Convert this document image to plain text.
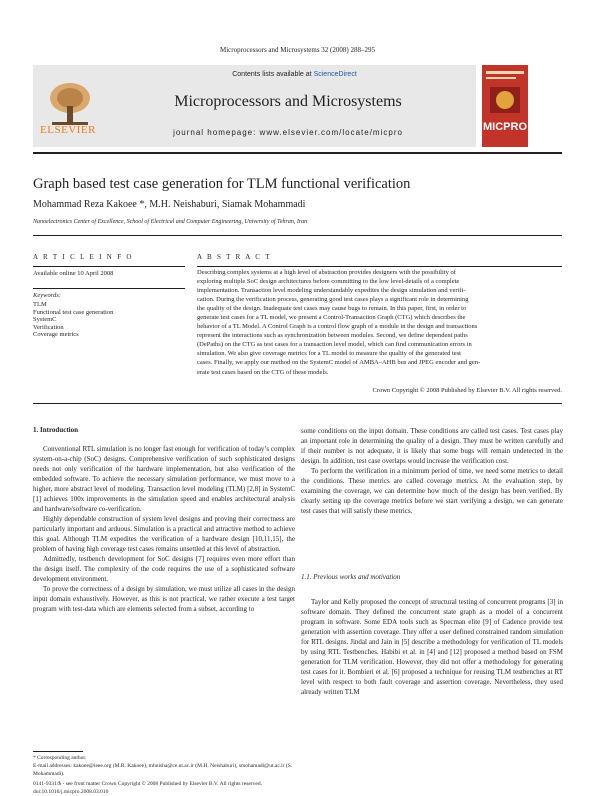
Microprocessors and Microsystems 32 (2008) 288–295
Contents lists available at ScienceDirect
ELSEVIER
Microprocessors and Microsystems
journal homepage: www.elsevier.com/locate/micpro	MICPRO
Graph based test case generation for TLM functional verification
Mohammad Reza Kakoee *, M.H. Neishaburi, Siamak Mohammadi
Nanoelectronics Center of Excellence, School of Electrical and Computer Engineering, University of Tehran, Iran
A R T I C L E I N F O
Available online 10 April 2008
Keywords:
TLM
Functional test case generation
SystemC
Verification
Coverage metrics
A B S T R A C T
Describing complex systems at a high level of abstraction provides designers with the possibility of
exploring multiple SoC design architectures before committing to the low level-details of a complete
implementation. Transaction level modeling understandably expedites the design simulation and verifi-
cation. During the verification process, generating good test cases plays a significant role in determining
the quality of the design. Inadequate test cases may cause bugs to remain. In this paper, first, in order to
generate test cases for a TL model, we present a Control-Transaction Graph (CTG) which describes the
behavior of a TL Model. A Control Graph is a control flow graph of a module in the design and transactions
represent the interactions such as synchronization between modules. Second, we define dependent paths
(DePaths) on the CTG as test cases for a transaction level model, which can find communication errors in
simulation. We also give coverage metrics for a TL model to measure the quality of the generated test
cases. Finally, we apply our method on the SystemC model of AMBA–AHB bus and JPEG encoder and gen-
erate test cases based on the CTG of these models.
Crown Copyright © 2008 Published by Elsevier B.V. All rights reserved.
1. Introduction

Conventional RTL simulation is no longer fast enough for verification of today’s complex system-on-a-chip (SoC) designs. Comprehensive verification of such sophisticated designs needs not only verification of the hardware implementation, but also verification of the embedded software. To achieve the necessary simulation performance, we must move to a higher, more abstract level of modeling. Transaction level modeling (TLM) [2,8] in SystemC [1] achieves 100x improvements in the simulation speed and enables architectural analysis and hardware/software co-verification.

Highly dependable construction of system level designs and proving their correctness are particularly important and arduous. Simulation is a practical and attractive method to achieve this goal. Although TLM expedites the verification of a hardware design [10,11,15], the problem of having high coverage test cases remains unsettled at this level of abstraction.

Admittedly, testbench development for SoC designs [7] requires even more effort than the design itself. The complexity of the code requires the use of a sophisticated software development environment.

To prove the correctness of a design by simulation, we must utilize all cases in the design input domain exhaustively. However, as this is not practical, we rather execute a test target program with test-data which are elements selected from a subset, according to

some conditions on the input domain. These conditions are called test cases. Test cases play an important role in determining the quality of a design. They must be written carefully and if their number is not adequate, it is likely that some bugs will remain undetected in the design. In addition, test case overlaps would increase the verification cost.

To perform the verification in a minimum period of time, we need some metrics to detail the conditions. These metrics are called coverage metrics. At the evaluation step, by examining the coverage, we can determine how much of the design has been verified. By clearly setting up the coverage metrics before we start verifying a design, we can generate test cases that will satisfy these metrics.

1.1. Previous works and motivation

Taylor and Kelly proposed the concept of structural testing of concurrent programs [3] in software domain. They defined the concurrent state graph as a model of a concurrent program in software. Some EDA tools such as Specman elite [9] of Cadence provide test generation with assertion coverage. They offer a user defined constrained random simulation for RTL designs. Jindal and Jain in [5] describe a methodology for verification of TL models by using RTL Testbenches. Habibi et al. in [4] and [12] proposed a method based on FSM generation for TLM verification. However, they did not offer a methodology for generating test cases for it. Bombieri et al. [6] proposed a technique for reusing TLM testbenches at RT level with respect to both fault coverage and assertion coverage. Nevertheless, they used already written TLM

* Corresponding author.
E-mail addresses: kakoee@ieee.org (M.R. Kakoee), mhnisha@ce.ut.ac.ir (M.H. Neishaburi), smohamadi@ut.ac.ir (S. Mohammadi).
0141-9331/$ - see front matter Crown Copyright © 2008 Published by Elsevier B.V. All rights reserved.
doi:10.1016/j.micpro.2008.03.010
